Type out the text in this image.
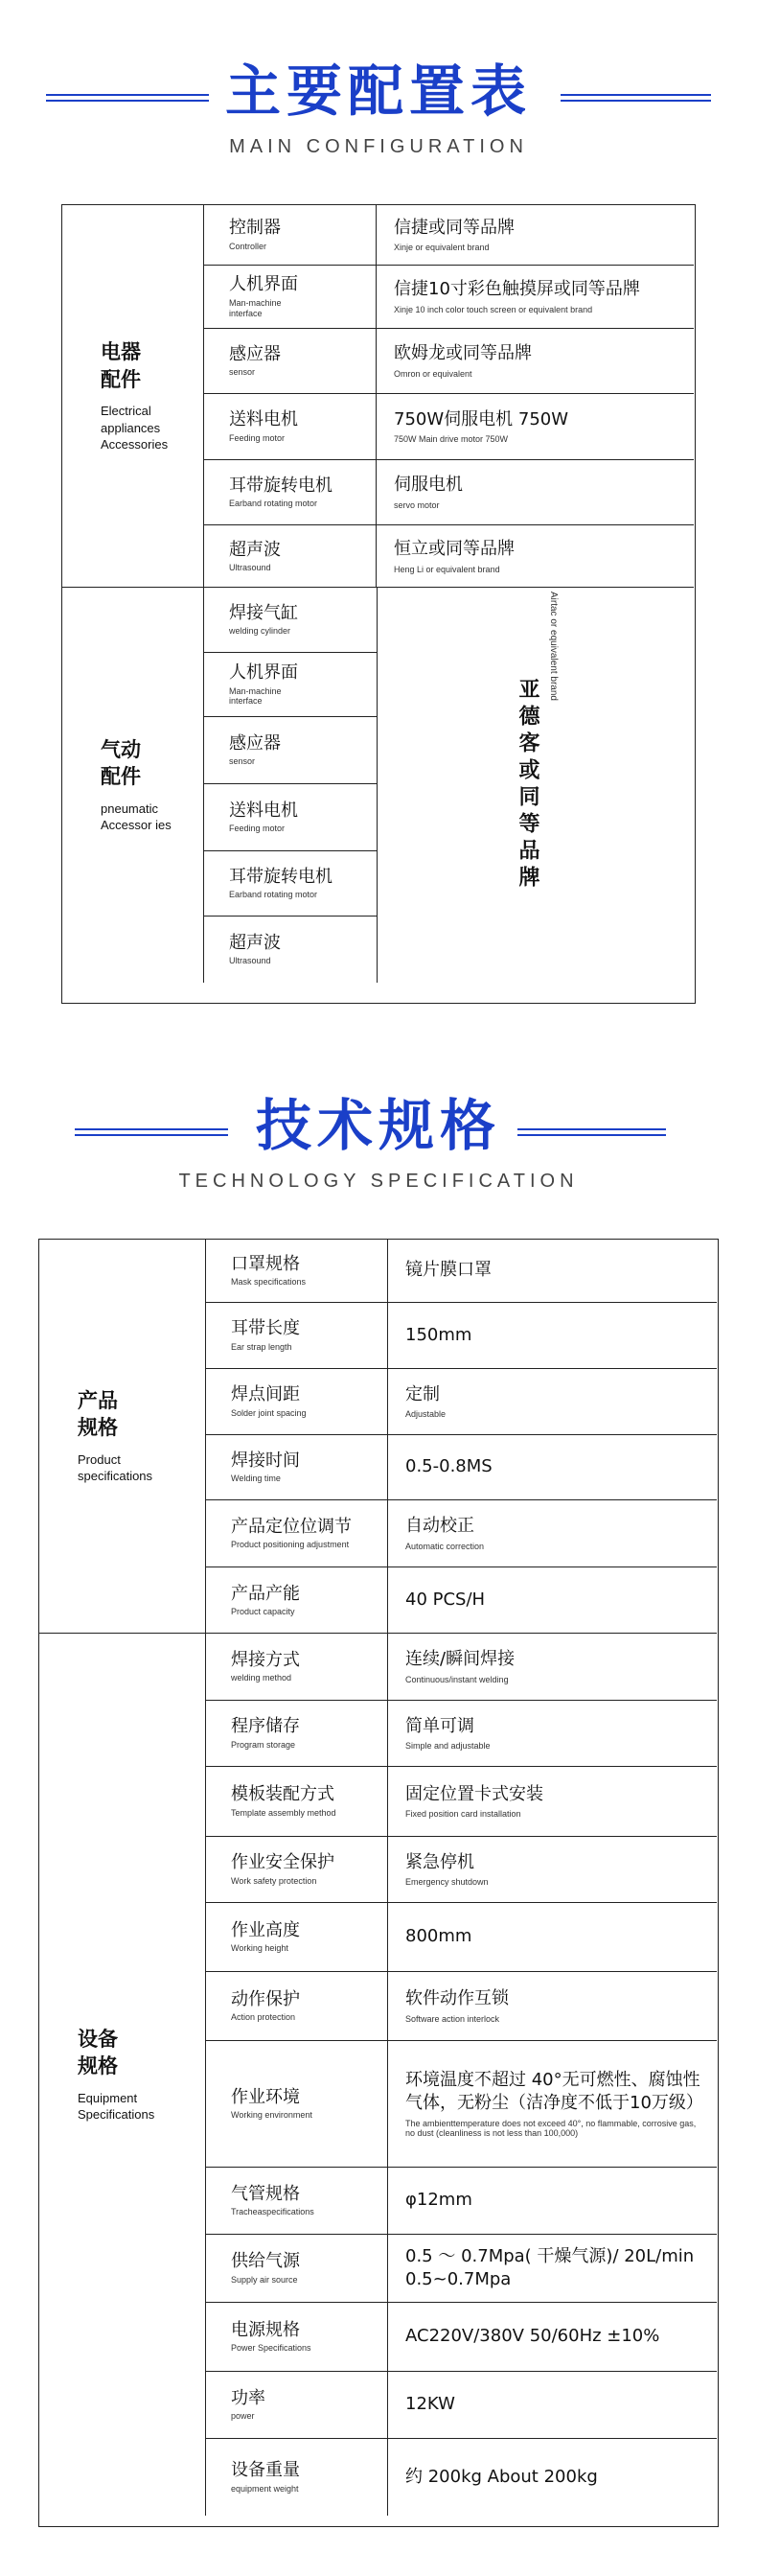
主要配置表
MAIN CONFIGURATION
电器
配件
Electrical
appliances
Accessories
控制器
Controller
信捷或同等品牌
Xinje or equivalent brand
人机界面
Man-machine
interface
信捷10寸彩色触摸屏或同等品牌
Xinje 10 inch color touch screen or equivalent brand
感应器
sensor
欧姆龙或同等品牌
Omron or equivalent
送料电机
Feeding motor
750W伺服电机 750W
750W Main drive motor 750W
耳带旋转电机
Earband rotating motor
伺服电机
servo motor
超声波
Ultrasound
恒立或同等品牌
Heng Li or equivalent brand
气动
配件
pneumatic
Accessor ies
焊接气缸
welding cylinder
人机界面
Man-machine
interface
感应器
sensor
送料电机
Feeding motor
耳带旋转电机
Earband rotating motor
超声波
Ultrasound
亚德客或同等品牌
Airtac or equivalent brand
技术规格
TECHNOLOGY SPECIFICATION
产品
规格
Product
specifications
口罩规格
Mask specifications
镜片膜口罩
耳带长度
Ear strap length
150mm
焊点间距
Solder joint spacing
定制
Adjustable
焊接时间
Welding time
0.5-0.8MS
产品定位位调节
Product positioning adjustment
自动校正
Automatic correction
产品产能
Product capacity
40 PCS/H
设备
规格
Equipment
Specifications
焊接方式
welding method
连续/瞬间焊接
Continuous/instant welding
程序储存
Program storage
简单可调
Simple and adjustable
模板装配方式
Template assembly method
固定位置卡式安装
Fixed position card installation
作业安全保护
Work safety protection
紧急停机
Emergency shutdown
作业高度
Working height
800mm
动作保护
Action protection
软件动作互锁
Software action interlock
作业环境
Working environment
环境温度不超过 40°无可燃性、腐蚀性气体，无粉尘（洁净度不低于10万级）
The ambienttemperature does not exceed 40°, no flammable, corrosive gas, no dust (cleanliness is not less than 100,000)
气管规格
Tracheaspecifications
φ12mm
供给气源
Supply air source
0.5 ～ 0.7Mpa( 干燥气源)/ 20L/min 0.5~0.7Mpa
电源规格
Power Specifications
AC220V/380V 50/60Hz ±10%
功率
power
12KW
设备重量
equipment weight
约 200kg About 200kg
